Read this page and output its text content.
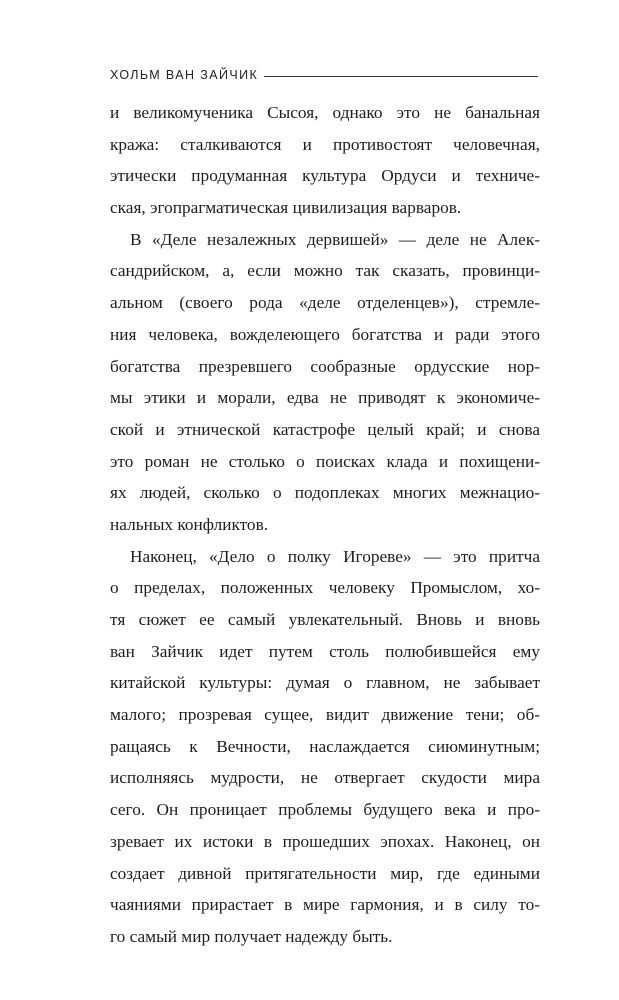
ХОЛЬМ ВАН ЗАЙЧИК
и великомученика Сысоя, однако это не банальная
кража: сталкиваются и противостоят человечная,
этически продуманная культура Ордуси и техниче-
ская, эгопрагматическая цивилизация варваров.
В «Деле незалежных дервишей» — деле не Алек-
сандрийском, а, если можно так сказать, провинци-
альном (своего рода «деле отделенцев»), стремле-
ния человека, вожделеющего богатства и ради этого
богатства презревшего сообразные ордусские нор-
мы этики и морали, едва не приводят к экономиче-
ской и этнической катастрофе целый край; и снова
это роман не столько о поисках клада и похищени-
ях людей, сколько о подоплеках многих межнацио-
нальных конфликтов.
Наконец, «Дело о полку Игореве» — это притча
о пределах, положенных человеку Промыслом, хо-
тя сюжет ее самый увлекательный. Вновь и вновь
ван Зайчик идет путем столь полюбившейся ему
китайской культуры: думая о главном, не забывает
малого; прозревая сущее, видит движение тени; об-
ращаясь к Вечности, наслаждается сиюминутным;
исполняясь мудрости, не отвергает скудости мира
сего. Он проницает проблемы будущего века и про-
зревает их истоки в прошедших эпохах. Наконец, он
создает дивной притягательности мир, где едиными
чаяниями прирастает в мире гармония, и в силу то-
го самый мир получает надежду быть.
